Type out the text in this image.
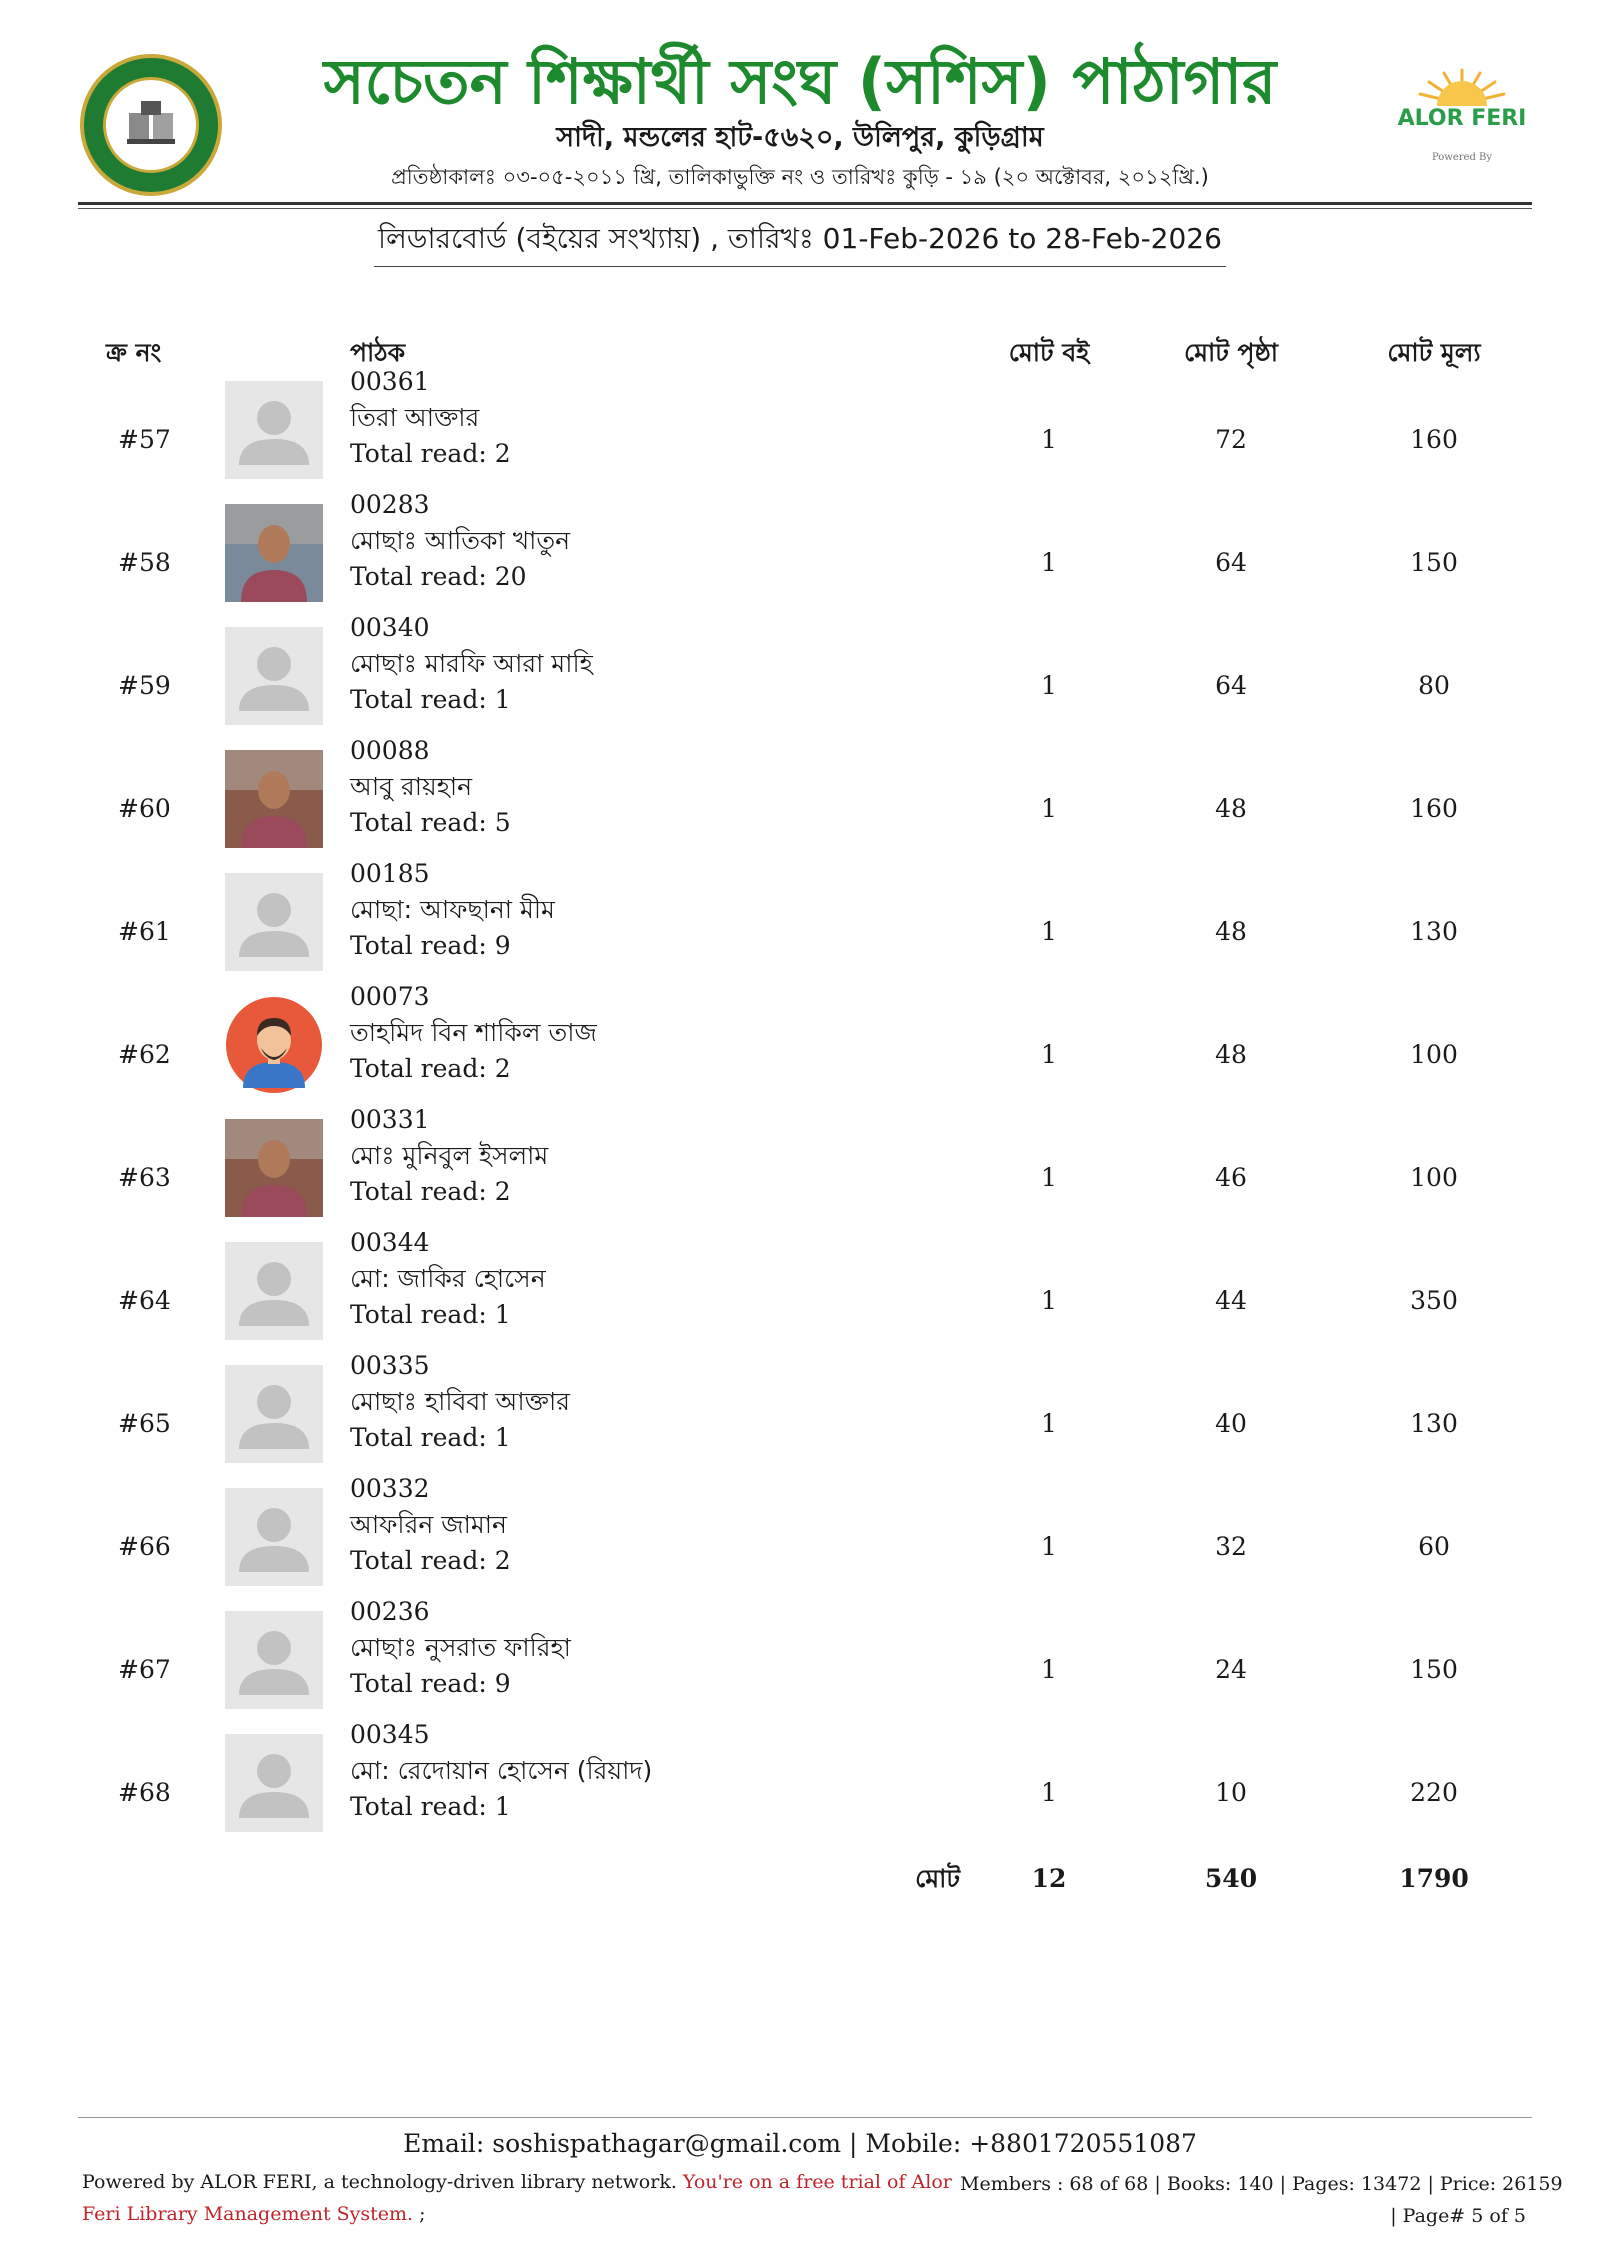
সচেতন শিক্ষার্থী সংঘ (সশিস) পাঠাগার
সাদী, মন্ডলের হাট-৫৬২০, উলিপুর, কুড়িগ্রাম
প্রতিষ্ঠাকালঃ ০৩-০৫-২০১১ খ্রি, তালিকাভুক্তি নং ও তারিখঃ কুড়ি - ১৯ (২০ অক্টোবর, ২০১২খ্রি.)
ALOR FERI
Powered By
লিডারবোর্ড (বইয়ের সংখ্যায়) , তারিখঃ 01-Feb-2026 to 28-Feb-2026
ক্র নং	পাঠক	মোট বই	মোট পৃষ্ঠা	মোট মূল্য
#57
00361
তিরা আক্তার
Total read: 2	1	72	160
#58
00283
মোছাঃ আতিকা খাতুন
Total read: 20	1	64	150
#59
00340
মোছাঃ মারফি আরা মাহি
Total read: 1	1	64	80
#60
00088
আবু রায়হান
Total read: 5	1	48	160
#61
00185
মোছা: আফছানা মীম
Total read: 9	1	48	130
#62
00073
তাহমিদ বিন শাকিল তাজ
Total read: 2	1	48	100
#63
00331
মোঃ মুনিবুল ইসলাম
Total read: 2	1	46	100
#64
00344
মো: জাকির হোসেন
Total read: 1	1	44	350
#65
00335
মোছাঃ হাবিবা আক্তার
Total read: 1	1	40	130
#66
00332
আফরিন জামান
Total read: 2	1	32	60
#67
00236
মোছাঃ নুসরাত ফারিহা
Total read: 9	1	24	150
#68
00345
মো: রেদোয়ান হোসেন (রিয়াদ)
Total read: 1	1	10	220
মোট	12	540	1790
Email: soshispathagar@gmail.com | Mobile: +8801720551087
Powered by ALOR FERI, a technology-driven library network. You're on a free trial of Alor Feri Library Management System. ;
Members : 68 of 68 | Books: 140 | Pages: 13472 | Price: 26159
| Page# 5 of 5
